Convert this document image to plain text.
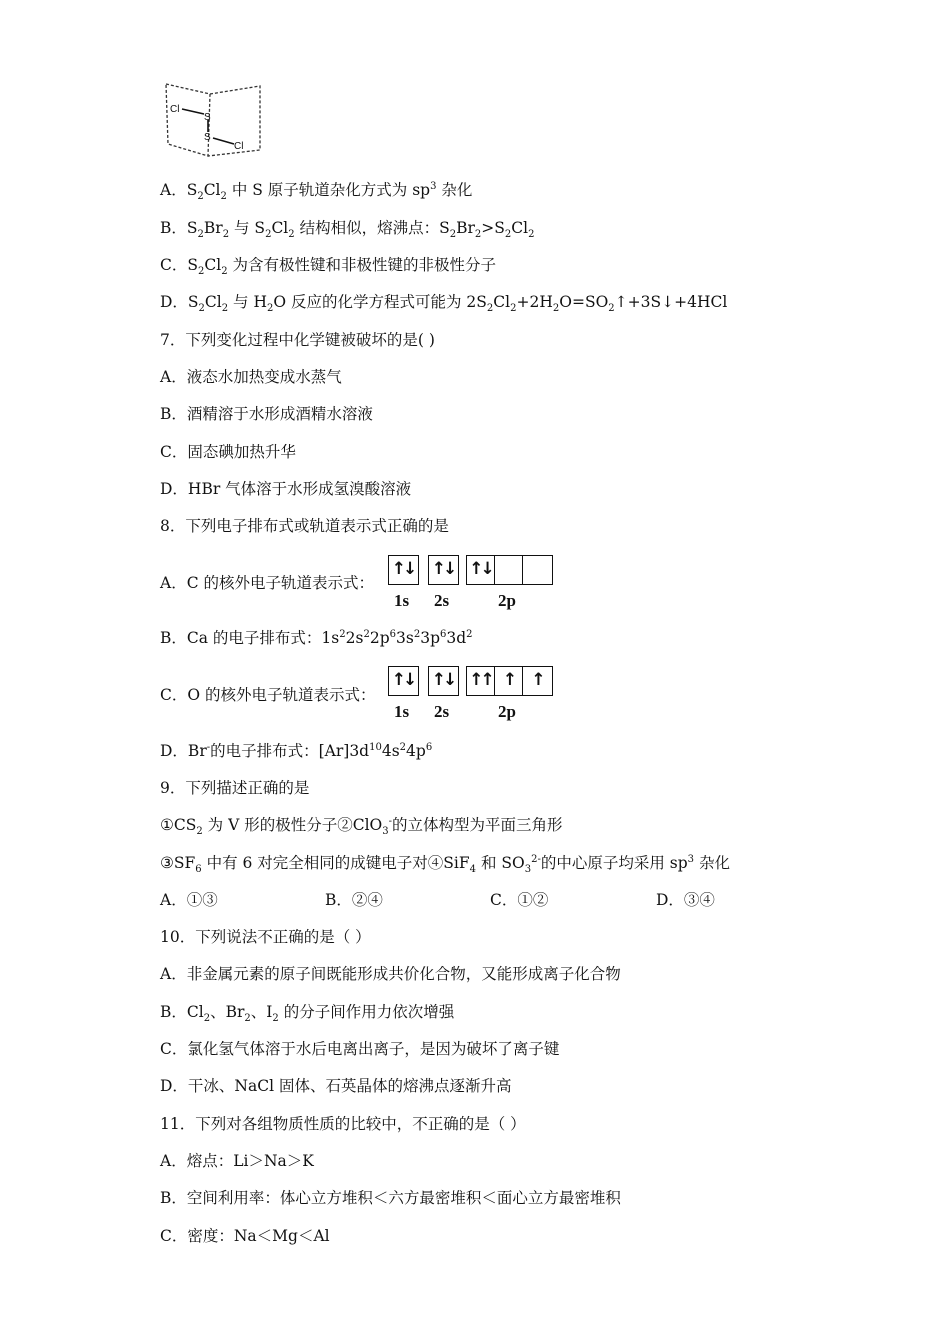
Cl
S
S
Cl
A．$S_2Cl_2$ 中 S 原子轨道杂化方式为 $sp^3$ 杂化
B．$S_2Br_2$ 与 $S_2Cl_2$ 结构相似，熔沸点：$S_2Br_2>S_2Cl_2$
C．$S_2Cl_2$ 为含有极性键和非极性键的非极性分子
D．$S_2Cl_2$ 与 $H_2O$ 反应的化学方程式可能为 $2S_2Cl_2+2H_2O=SO_2↑+3S↓+4HCl$
7．下列变化过程中化学键被破坏的是( )
A．液态水加热变成水蒸气
B．酒精溶于水形成酒精水溶液
C．固态碘加热升华
D．HBr 气体溶于水形成氢溴酸溶液
8．下列电子排布式或轨道表示式正确的是
A．C 的核外电子轨道表示式：
↑↓ ↑↓ ↑↓
1s 2s	2p
B．Ca 的电子排布式：$1s^22s^22p^63s^23p^63d^2$
C．O 的核外电子轨道表示式：
↑↓ ↑↓ ↑↑ ↑	↑
1s 2s	2p
D．Br-的电子排布式：$[Ar]3d^{10}4s^24p^6$
9．下列描述正确的是
$①CS_2$ 为 V 形的极性分子②ClO$_3$-的立体构型为平面三角形
$③SF_6$ 中有 6 对完全相同的成键电子对④SiF$_4$ 和 $SO_3^{2-}$的中心原子均采用 $sp^3$ 杂化
A．①③	B．②④	C．①②	D．③④
10．下列说法不正确的是（ ）
A．非金属元素的原子间既能形成共价化合物，又能形成离子化合物
B．$Cl_2$、$Br_2$、$I_2$ 的分子间作用力依次增强
C．氯化氢气体溶于水后电离出离子，是因为破坏了离子键
D．干冰、NaCl 固体、石英晶体的熔沸点逐渐升高
11．下列对各组物质性质的比较中，不正确的是（ ）
A．熔点：Li＞Na＞K
B．空间利用率：体心立方堆积＜六方最密堆积＜面心立方最密堆积
C．密度：Na＜Mg＜Al
